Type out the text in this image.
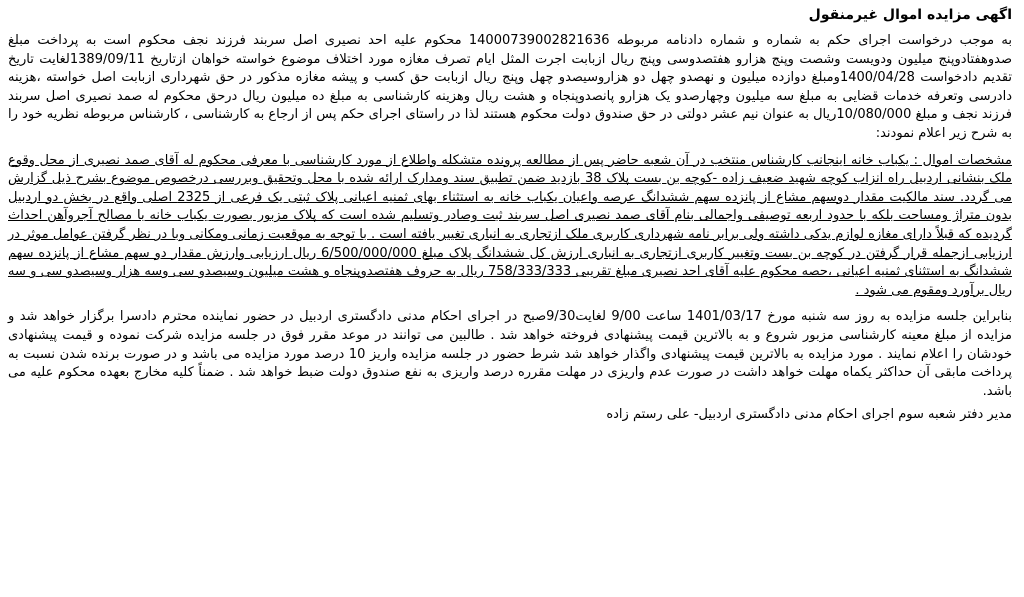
اگهی مزایده اموال غیرمنقول

به موجب درخواست اجرای حکم به شماره و شماره دادنامه مربوطه 14000739002821636 محکوم علیه احد نصیری اصل سربند فرزند نجف محکوم است به پرداخت مبلغ صدوهفتادوپنج میلیون ودویست وشصت وپنج هزارو هفتصدوسی وپنج ریال ازبابت اجرت المثل ایام تصرف مغازه مورد اختلاف موضوع خواسته خواهان ازتاریخ 1389/09/11لغایت تاریخ تقدیم دادخواست 1400/04/28ومبلغ دوازده میلیون و نهصدو چهل دو هزاروسیصدو چهل وپنج ریال ازبابت حق کسب و پیشه مغازه مذکور در حق شهرداری ازبابت اصل خواسته ،هزینه دادرسی وتعرفه خدمات قضایی به مبلغ سه میلیون وچهارصدو یک هزارو پانصدوپنجاه و هشت ریال وهزینه کارشناسی به مبلغ ده میلیون ریال درحق محکوم له صمد نصیری اصل سربند فرزند نجف و مبلغ 10/080/000ریال به عنوان نیم عشر دولتی در حق صندوق دولت محکوم هستند لذا در راستای اجرای حکم پس از ارجاع به کارشناسی ، کارشناس مربوطه نظریه خود را به شرح زیر اعلام نمودند:

مشخصات اموال : یکباب خانه اینجانب کارشناس منتخب در آن شعبه حاضر پس از مطالعه پرونده متشکله واطلاع از مورد کارشناسی با معرفی محکوم له آقای صمد نصیری از محل وقوع ملک بنشانی اردبیل راه انزاب کوچه شهید ضعیف زاده -کوچه بن بست پلاک 38 بازدید ضمن تطبیق سند ومدارک ارائه شده با محل وتحقیق وبررسی درخصوص موضوع بشرح ذیل گزارش می گردد. سند مالکیت مقدار دوسهم مشاع از پانزده سهم ششدانگ عرصه واعیان یکباب خانه به استثناء بهای ثمنیه اعیانی پلاک ثبتی یک فرعی از 2325 اصلی واقع در بخش دو اردبیل بدون متراژ ومساحت بلکه با حدود اربعه توصیفی واجمالی بنام آقای صمد نصیری اصل سربند ثبت وصادر وتسلیم شده است که پلاک مزبور بصورت یکباب خانه با مصالح آجروآهن احداث گردیده که قبلاً دارای مغازه لوازم یدکی داشته ولی برابر نامه شهرداری کاربری ملک ازتجاری به انباری تغییر یافته است . با توجه به موقعیت زمانی ومکانی وبا در نظر گرفتن عوامل موثر در ارزیابی ازجمله قرار گرفتن در کوچه بن بست وتغییر کاربری ازتجاری به انباری ارزش کل ششدانگ پلاک مبلغ 6/500/000/000 ریال ارزیابی وارزش مقدار دو سهم مشاع از پانزده سهم ششدانگ به استثنای ثمنیه اعیانی ،حصه محکوم علیه آقای احد نصیری مبلغ تقریبی 758/333/333 ریال به حروف هفتصدوپنجاه و هشت میلیون وسیصدو سی وسه هزار وسیصدو سی و سه ریال برآورد ومقوم می شود .

بنابراین جلسه مزایده به روز سه شنبه مورخ 1401/03/17 ساعت 9/00 لغایت9/30صبح در اجرای احکام مدنی دادگستری اردبیل در حضور نماینده محترم دادسرا برگزار خواهد شد و مزایده از مبلغ معینه کارشناسی مزبور شروع و به بالاترین قیمت پیشنهادی فروخته خواهد شد . طالبین می توانند در موعد مقرر فوق در جلسه مزایده شرکت نموده و قیمت پیشنهادی خودشان را اعلام نمایند . مورد مزایده به بالاترین قیمت پیشنهادی واگذار خواهد شد شرط حضور در جلسه مزایده واریز 10 درصد مورد مزایده می باشد و در صورت برنده شدن نسبت به پرداخت مابقی آن حداکثر یکماه مهلت خواهد داشت در صورت عدم واریزی در مهلت مقرره درصد واریزی به نفع صندوق دولت ضبط خواهد شد . ضمناً کلیه مخارج بعهده محکوم علیه می باشد.

مدیر دفتر شعبه سوم اجرای احکام مدنی دادگستری اردبیل- علی رستم زاده
